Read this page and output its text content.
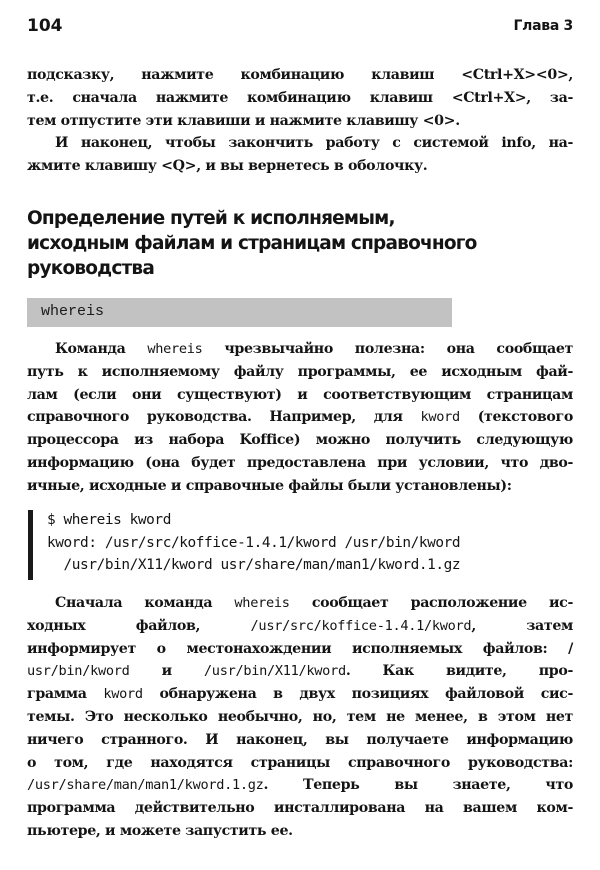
104	Глава 3
подсказку, нажмите комбинацию клавиш <Ctrl+X><0>,
т.е. сначала нажмите комбинацию клавиш <Ctrl+X>, за-
тем отпустите эти клавиши и нажмите клавишу <0>.
И наконец, чтобы закончить работу с системой info, на-
жмите клавишу <Q>, и вы вернетесь в оболочку.
Определение путей к исполняемым,
исходным файлам и страницам справочного
руководства
whereis
Команда whereis чрезвычайно полезна: она сообщает
путь к исполняемому файлу программы, ее исходным фай-
лам (если они существуют) и соответствующим страницам
справочного руководства. Например, для kword (текстового
процессора из набора Koffice) можно получить следующую
информацию (она будет предоставлена при условии, что дво-
ичные, исходные и справочные файлы были установлены):
$ whereis kword
kword: /usr/src/koffice-1.4.1/kword /usr/bin/kword
/usr/bin/X11/kword usr/share/man/man1/kword.1.gz
Сначала команда whereis сообщает расположение ис-
ходных файлов, /usr/src/koffice-1.4.1/kword, затем
информирует о местонахождении исполняемых файлов: /
usr/bin/kword и /usr/bin/X11/kword. Как видите, про-
грамма kword обнаружена в двух позициях файловой сис-
темы. Это несколько необычно, но, тем не менее, в этом нет
ничего странного. И наконец, вы получаете информацию
о том, где находятся страницы справочного руководства:
/usr/share/man/man1/kword.1.gz. Теперь вы знаете, что
программа действительно инсталлирована на вашем ком-
пьютере, и можете запустить ее.
